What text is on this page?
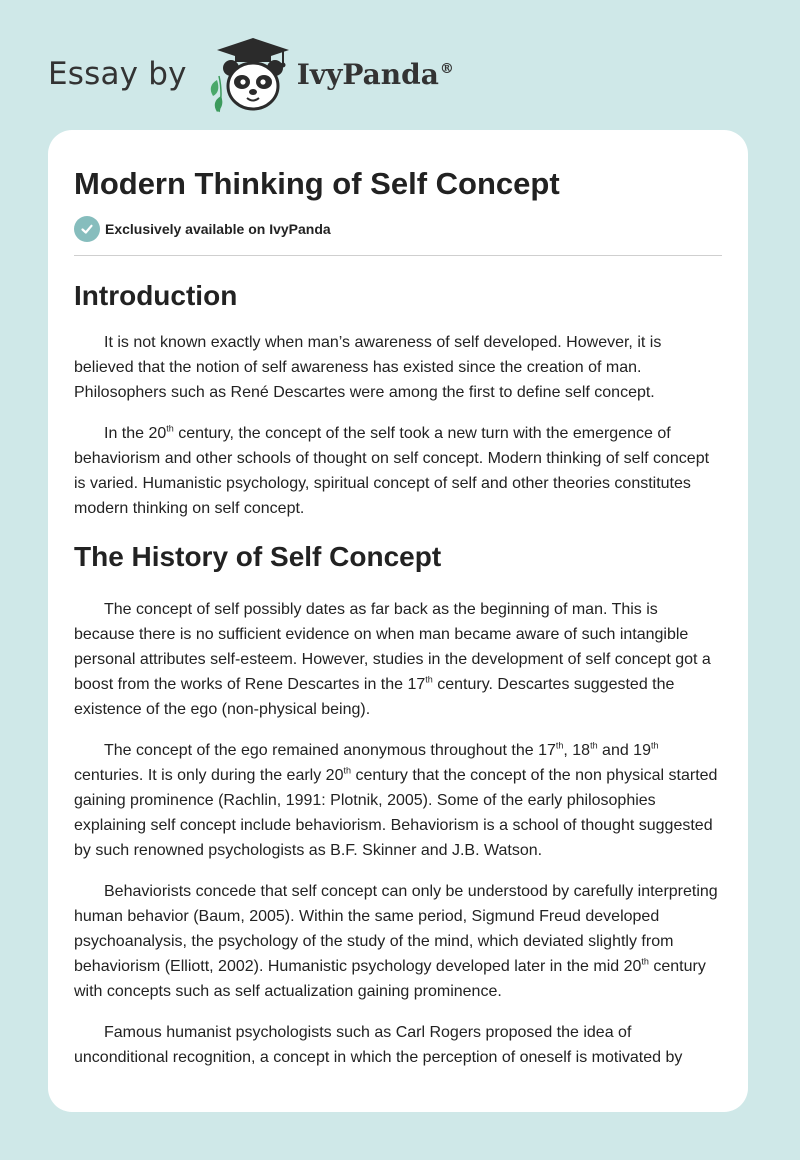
Essay by	IvyPanda®
Modern Thinking of Self Concept
Exclusively available on IvyPanda
Introduction

It is not known exactly when man’s awareness of self developed. However, it is believed that the notion of self awareness has existed since the creation of man. Philosophers such as René Descartes were among the first to define self concept.

In the 20th century, the concept of the self took a new turn with the emergence of behaviorism and other schools of thought on self concept. Modern thinking of self concept is varied. Humanistic psychology, spiritual concept of self and other theories constitutes modern thinking on self concept.

The History of Self Concept

The concept of self possibly dates as far back as the beginning of man. This is because there is no sufficient evidence on when man became aware of such intangible personal attributes self-esteem. However, studies in the development of self concept got a boost from the works of Rene Descartes in the 17th century. Descartes suggested the existence of the ego (non-physical being).

The concept of the ego remained anonymous throughout the 17th, 18th and 19th centuries. It is only during the early 20th century that the concept of the non physical started gaining prominence (Rachlin, 1991: Plotnik, 2005). Some of the early philosophies explaining self concept include behaviorism. Behaviorism is a school of thought suggested by such renowned psychologists as B.F. Skinner and J.B. Watson.

Behaviorists concede that self concept can only be understood by carefully interpreting human behavior (Baum, 2005). Within the same period, Sigmund Freud developed psychoanalysis, the psychology of the study of the mind, which deviated slightly from behaviorism (Elliott, 2002). Humanistic psychology developed later in the mid 20th century with concepts such as self actualization gaining prominence.

Famous humanist psychologists such as Carl Rogers proposed the idea of unconditional recognition, a concept in which the perception of oneself is motivated by
